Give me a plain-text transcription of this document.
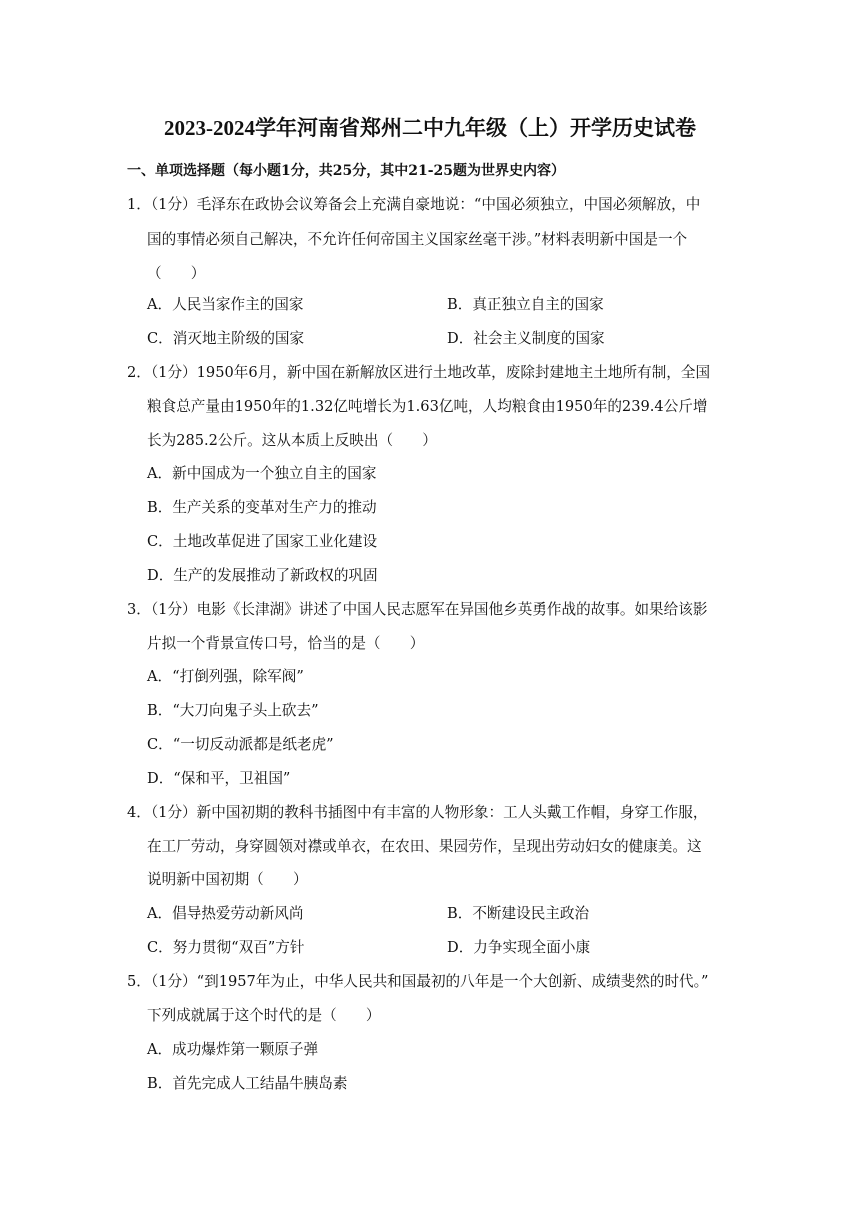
2023-2024学年河南省郑州二中九年级（上）开学历史试卷
一、单项选择题（每小题1分，共25分，其中21-25题为世界史内容）
1．（1分）毛泽东在政协会议筹备会上充满自豪地说：“中国必须独立，中国必须解放，中
国的事情必须自己解决，不允许任何帝国主义国家丝毫干涉。”材料表明新中国是一个
（　　）
A．人民当家作主的国家	B．真正独立自主的国家
C．消灭地主阶级的国家	D．社会主义制度的国家
2．（1分）1950年6月，新中国在新解放区进行土地改革，废除封建地主土地所有制，全国
粮食总产量由1950年的1.32亿吨增长为1.63亿吨，人均粮食由1950年的239.4公斤增
长为285.2公斤。这从本质上反映出（　　）
A．新中国成为一个独立自主的国家
B．生产关系的变革对生产力的推动
C．土地改革促进了国家工业化建设
D．生产的发展推动了新政权的巩固
3．（1分）电影《长津湖》讲述了中国人民志愿军在异国他乡英勇作战的故事。如果给该影
片拟一个背景宣传口号，恰当的是（　　）
A．“打倒列强，除军阀”
B．“大刀向鬼子头上砍去”
C．“一切反动派都是纸老虎”
D．“保和平，卫祖国”
4．（1分）新中国初期的教科书插图中有丰富的人物形象：工人头戴工作帽，身穿工作服，
在工厂劳动，身穿圆领对襟或单衣，在农田、果园劳作，呈现出劳动妇女的健康美。这
说明新中国初期（　　）
A．倡导热爱劳动新风尚	B．不断建设民主政治
C．努力贯彻“双百”方针	D．力争实现全面小康
5．（1分）“到1957年为止，中华人民共和国最初的八年是一个大创新、成绩斐然的时代。”
下列成就属于这个时代的是（　　）
A．成功爆炸第一颗原子弹
B．首先完成人工结晶牛胰岛素
